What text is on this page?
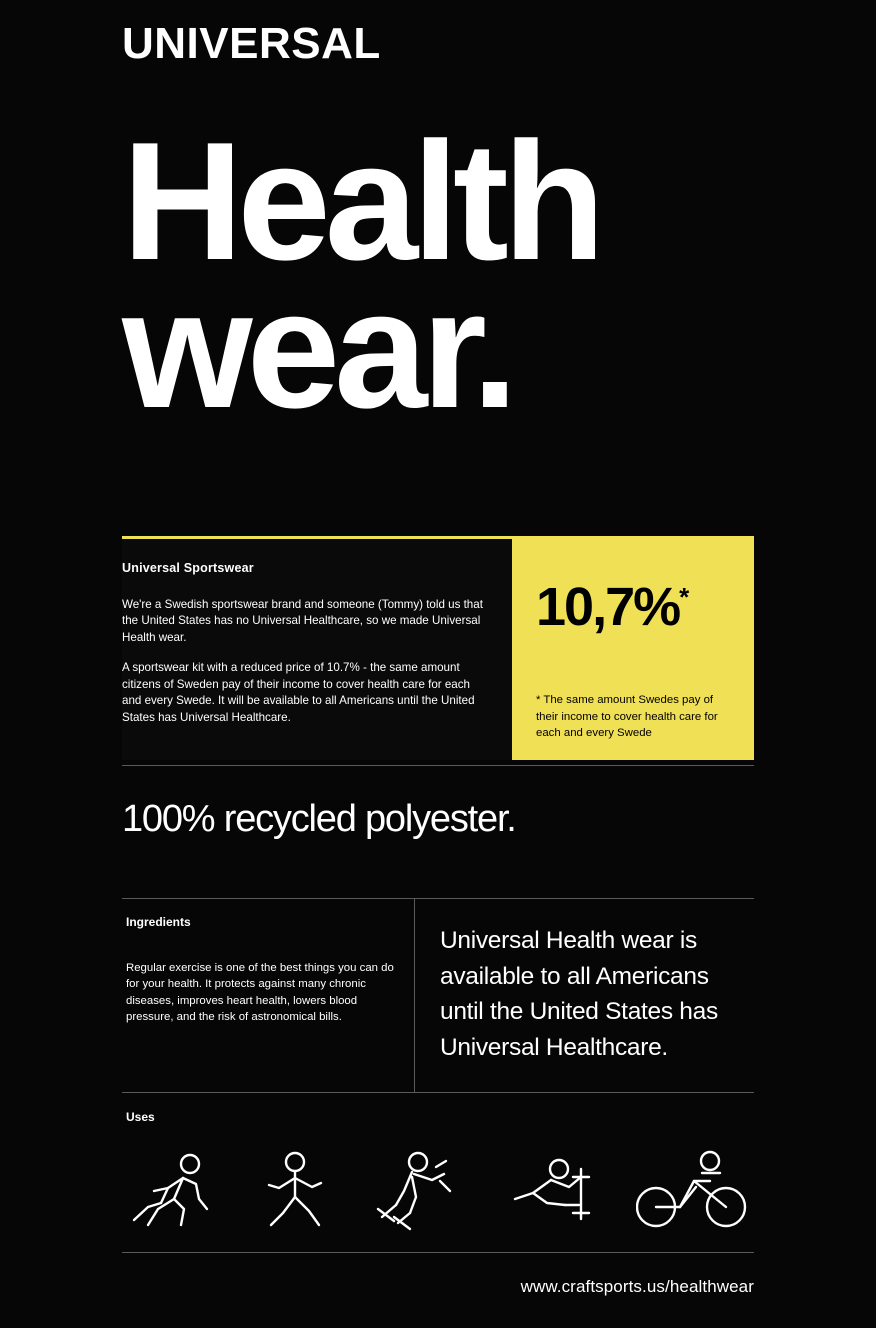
UNIVERSAL
Health
wear.
Universal Sportswear

We're a Swedish sportswear brand and someone (Tommy) told us that the United States has no Universal Healthcare, so we made Universal Health wear.

A sportswear kit with a reduced price of 10.7% - the same amount citizens of Sweden pay of their income to cover health care for each and every Swede. It will be available to all Americans until the United States has Universal Healthcare.

10,7%*
* The same amount Swedes pay of their income to cover health care for each and every Swede
100% recycled polyester.
Ingredients

Regular exercise is one of the best things you can do for your health. It protects against many chronic diseases, improves heart health, lowers blood pressure, and the risk of astronomical bills.

Universal Health wear is available to all Americans until the United States has Universal Healthcare.
Uses
www.craftsports.us/healthwear
